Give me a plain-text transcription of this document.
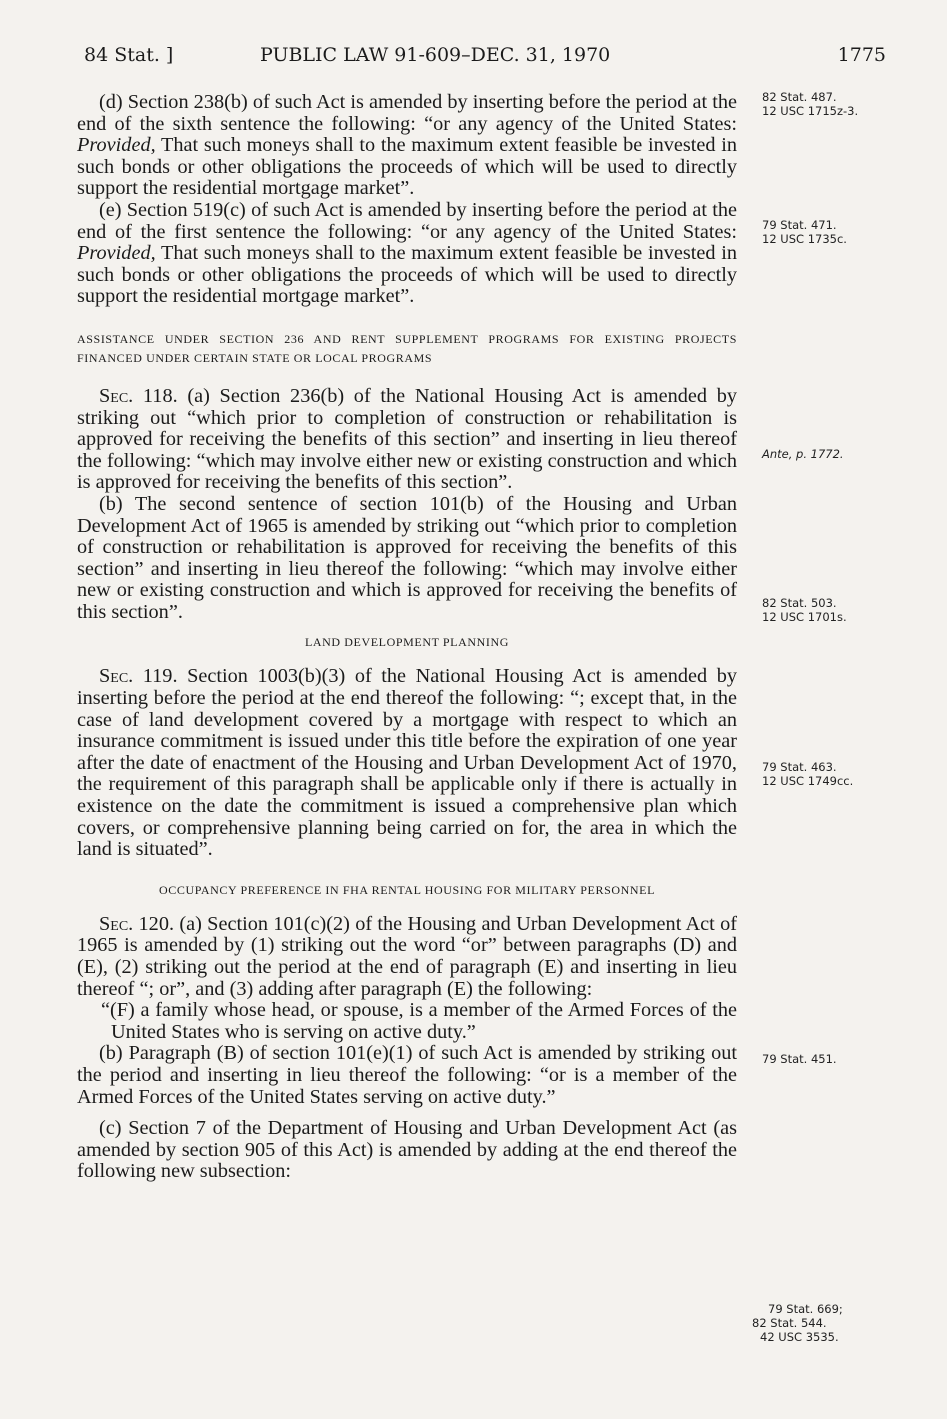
84 Stat. ]	PUBLIC LAW 91-609–DEC. 31, 1970	1775

(d) Section 238(b) of such Act is amended by inserting before the period at the end of the sixth sentence the following: “or any agency of the United States: Provided, That such moneys shall to the maximum extent feasible be invested in such bonds or other obligations the proceeds of which will be used to directly support the residential mortgage market”.

(e) Section 519(c) of such Act is amended by inserting before the period at the end of the first sentence the following: “or any agency of the United States: Provided, That such moneys shall to the maximum extent feasible be invested in such bonds or other obligations the proceeds of which will be used to directly support the residential mortgage market”.

ASSISTANCE UNDER SECTION 236 AND RENT SUPPLEMENT PROGRAMS FOR EXISTING PROJECTS FINANCED UNDER CERTAIN STATE OR LOCAL PROGRAMS

Sec. 118. (a) Section 236(b) of the National Housing Act is amended by striking out “which prior to completion of construction or rehabilitation is approved for receiving the benefits of this section” and inserting in lieu thereof the following: “which may involve either new or existing construction and which is approved for receiving the benefits of this section”.

(b) The second sentence of section 101(b) of the Housing and Urban Development Act of 1965 is amended by striking out “which prior to completion of construction or rehabilitation is approved for receiving the benefits of this section” and inserting in lieu thereof the following: “which may involve either new or existing construction and which is approved for receiving the benefits of this section”.

LAND DEVELOPMENT PLANNING

Sec. 119. Section 1003(b)(3) of the National Housing Act is amended by inserting before the period at the end thereof the following: “; except that, in the case of land development covered by a mortgage with respect to which an insurance commitment is issued under this title before the expiration of one year after the date of enactment of the Housing and Urban Development Act of 1970, the requirement of this paragraph shall be applicable only if there is actually in existence on the date the commitment is issued a comprehensive plan which covers, or comprehensive planning being carried on for, the area in which the land is situated”.

OCCUPANCY PREFERENCE IN FHA RENTAL HOUSING FOR MILITARY PERSONNEL

Sec. 120. (a) Section 101(c)(2) of the Housing and Urban Development Act of 1965 is amended by (1) striking out the word “or” between paragraphs (D) and (E), (2) striking out the period at the end of paragraph (E) and inserting in lieu thereof “; or”, and (3) adding after paragraph (E) the following:

“(F) a family whose head, or spouse, is a member of the Armed Forces of the United States who is serving on active duty.”

(b) Paragraph (B) of section 101(e)(1) of such Act is amended by striking out the period and inserting in lieu thereof the following: “or is a member of the Armed Forces of the United States serving on active duty.”

(c) Section 7 of the Department of Housing and Urban Development Act (as amended by section 905 of this Act) is amended by adding at the end thereof the following new subsection:

82 Stat. 487.
12 USC 1715z-3.
79 Stat. 471.
12 USC 1735c.
Ante, p. 1772.
82 Stat. 503.
12 USC 1701s.
79 Stat. 463.
12 USC 1749cc.
79 Stat. 451.
79 Stat. 669;
82 Stat. 544.
42 USC 3535.
